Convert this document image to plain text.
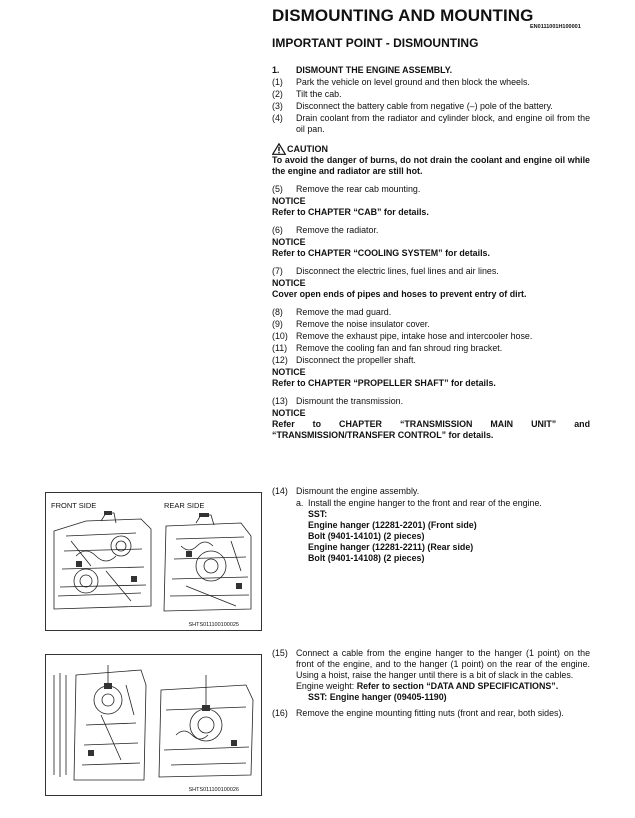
DISMOUNTING AND MOUNTING
EN0111001H100001
IMPORTANT POINT - DISMOUNTING
1.	DISMOUNT THE ENGINE ASSEMBLY.
(1)	Park the vehicle on level ground and then block the wheels.
(2)	Tilt the cab.
(3)	Disconnect the battery cable from negative (–) pole of the battery.
(4)	Drain coolant from the radiator and cylinder block, and engine oil from the oil pan.
CAUTION
To avoid the danger of burns, do not drain the coolant and engine oil while the engine and radiator are still hot.
(5)	Remove the rear cab mounting.
NOTICE
Refer to CHAPTER “CAB” for details.
(6)	Remove the radiator.
NOTICE
Refer to CHAPTER “COOLING SYSTEM” for details.
(7)	Disconnect the electric lines, fuel lines and air lines.
NOTICE
Cover open ends of pipes and hoses to prevent entry of dirt.
(8)	Remove the mad guard.
(9)	Remove the noise insulator cover.
(10) Remove the exhaust pipe, intake hose and intercooler hose.
(11) Remove the cooling fan and fan shroud ring bracket.
(12) Disconnect the propeller shaft.
NOTICE
Refer to CHAPTER “PROPELLER SHAFT” for details.
(13) Dismount the transmission.
NOTICE
Refer to CHAPTER “TRANSMISSION MAIN UNIT” and “TRANSMISSION/TRANSFER CONTROL” for details.
(14) Dismount the engine assembly.
a. Install the engine hanger to the front and rear of the engine.
SST:
Engine hanger (12281-2201) (Front side)
Bolt (9401-14101) (2 pieces)
Engine hanger (12281-2211) (Rear side)
Bolt (9401-14108) (2 pieces)
(15) Connect a cable from the engine hanger to the hanger (1 point) on the front of the engine, and to the hanger (1 point) on the rear of the engine. Using a hoist, raise the hanger until there is a bit of slack in the cables.
Engine weight: Refer to section “DATA AND SPECIFICATIONS”.
SST: Engine hanger (09405-1190)
(16) Remove the engine mounting fitting nuts (front and rear, both sides).
FRONT SIDE	REAR SIDE
SHTS011100100025
SHTS011100100026
